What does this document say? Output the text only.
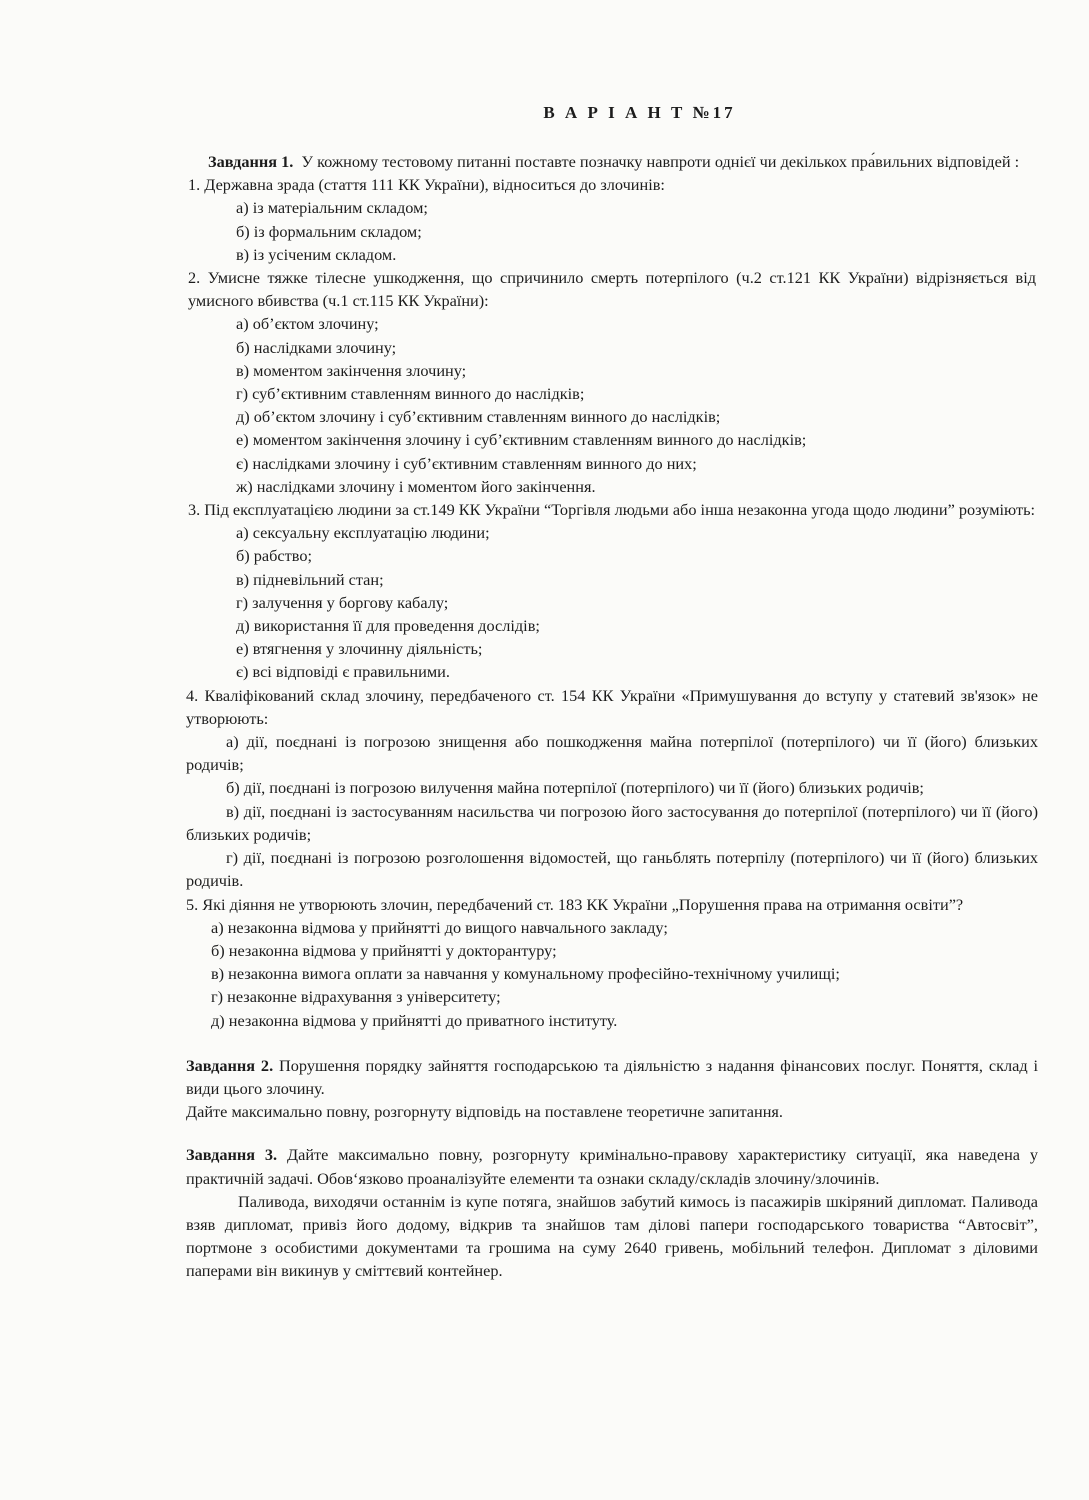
В А Р І А Н Т №17

Завдання 1. У кожному тестовому питанні поставте позначку навпроти однієї чи декількох пра́вильних відповідей :

1. Державна зрада (стаття 111 КК України), відноситься до злочинів:

а) із матеріальним складом;

б) із формальним складом;

в) із усіченим складом.

2. Умисне тяжке тілесне ушкодження, що спричинило смерть потерпілого (ч.2 ст.121 КК України) відрізняється від умисного вбивства (ч.1 ст.115 КК України):

а) об’єктом злочину;

б) наслідками злочину;

в) моментом закінчення злочину;

г) суб’єктивним ставленням винного до наслідків;

д) об’єктом злочину і суб’єктивним ставленням винного до наслідків;

е) моментом закінчення злочину і суб’єктивним ставленням винного до наслідків;

є) наслідками злочину і суб’єктивним ставленням винного до них;

ж) наслідками злочину і моментом його закінчення.

3. Під експлуатацією людини за ст.149 КК України “Торгівля людьми або інша незаконна угода щодо людини” розуміють:

а) сексуальну експлуатацію людини;

б) рабство;

в) підневільний стан;

г) залучення у боргову кабалу;

д) використання її для проведення дослідів;

е) втягнення у злочинну діяльність;

є) всі відповіді є правильними.

4. Кваліфікований склад злочину, передбаченого ст. 154 КК України «Примушування до вступу у статевий зв'язок» не утворюють:

а) дії, поєднані із погрозою знищення або пошкодження майна потерпілої (потерпілого) чи її (його) близьких родичів;

б) дії, поєднані із погрозою вилучення майна потерпілої (потерпілого) чи її (його) близьких родичів;

в) дії, поєднані із застосуванням насильства чи погрозою його застосування до потерпілої (потерпілого) чи її (його) близьких родичів;

г) дії, поєднані із погрозою розголошення відомостей, що ганьблять потерпілу (потерпілого) чи її (його) близьких родичів.

5. Які діяння не утворюють злочин, передбачений ст. 183 КК України „Порушення права на отримання освіти”?

а) незаконна відмова у прийнятті до вищого навчального закладу;

б) незаконна відмова у прийнятті у докторантуру;

в) незаконна вимога оплати за навчання у комунальному професійно-технічному училищі;

г) незаконне відрахування з університету;

д) незаконна відмова у прийнятті до приватного інституту.

Завдання 2. Порушення порядку зайняття господарською та діяльністю з надання фінансових послуг. Поняття, склад і види цього злочину.

Дайте максимально повну, розгорнуту відповідь на поставлене теоретичне запитання.

Завдання 3. Дайте максимально повну, розгорнуту кримінально-правову характеристику ситуації, яка наведена у практичній задачі. Обов‘язково проаналізуйте елементи та ознаки складу/складів злочину/злочинів.

Паливода, виходячи останнім із купе потяга, знайшов забутий кимось із пасажирів шкіряний дипломат. Паливода взяв дипломат, привіз його додому, відкрив та знайшов там ділові папери господарського товариства “Автосвіт”, портмоне з особистими документами та грошима на суму 2640 гривень, мобільний телефон. Дипломат з діловими паперами він викинув у сміттєвий контейнер.
